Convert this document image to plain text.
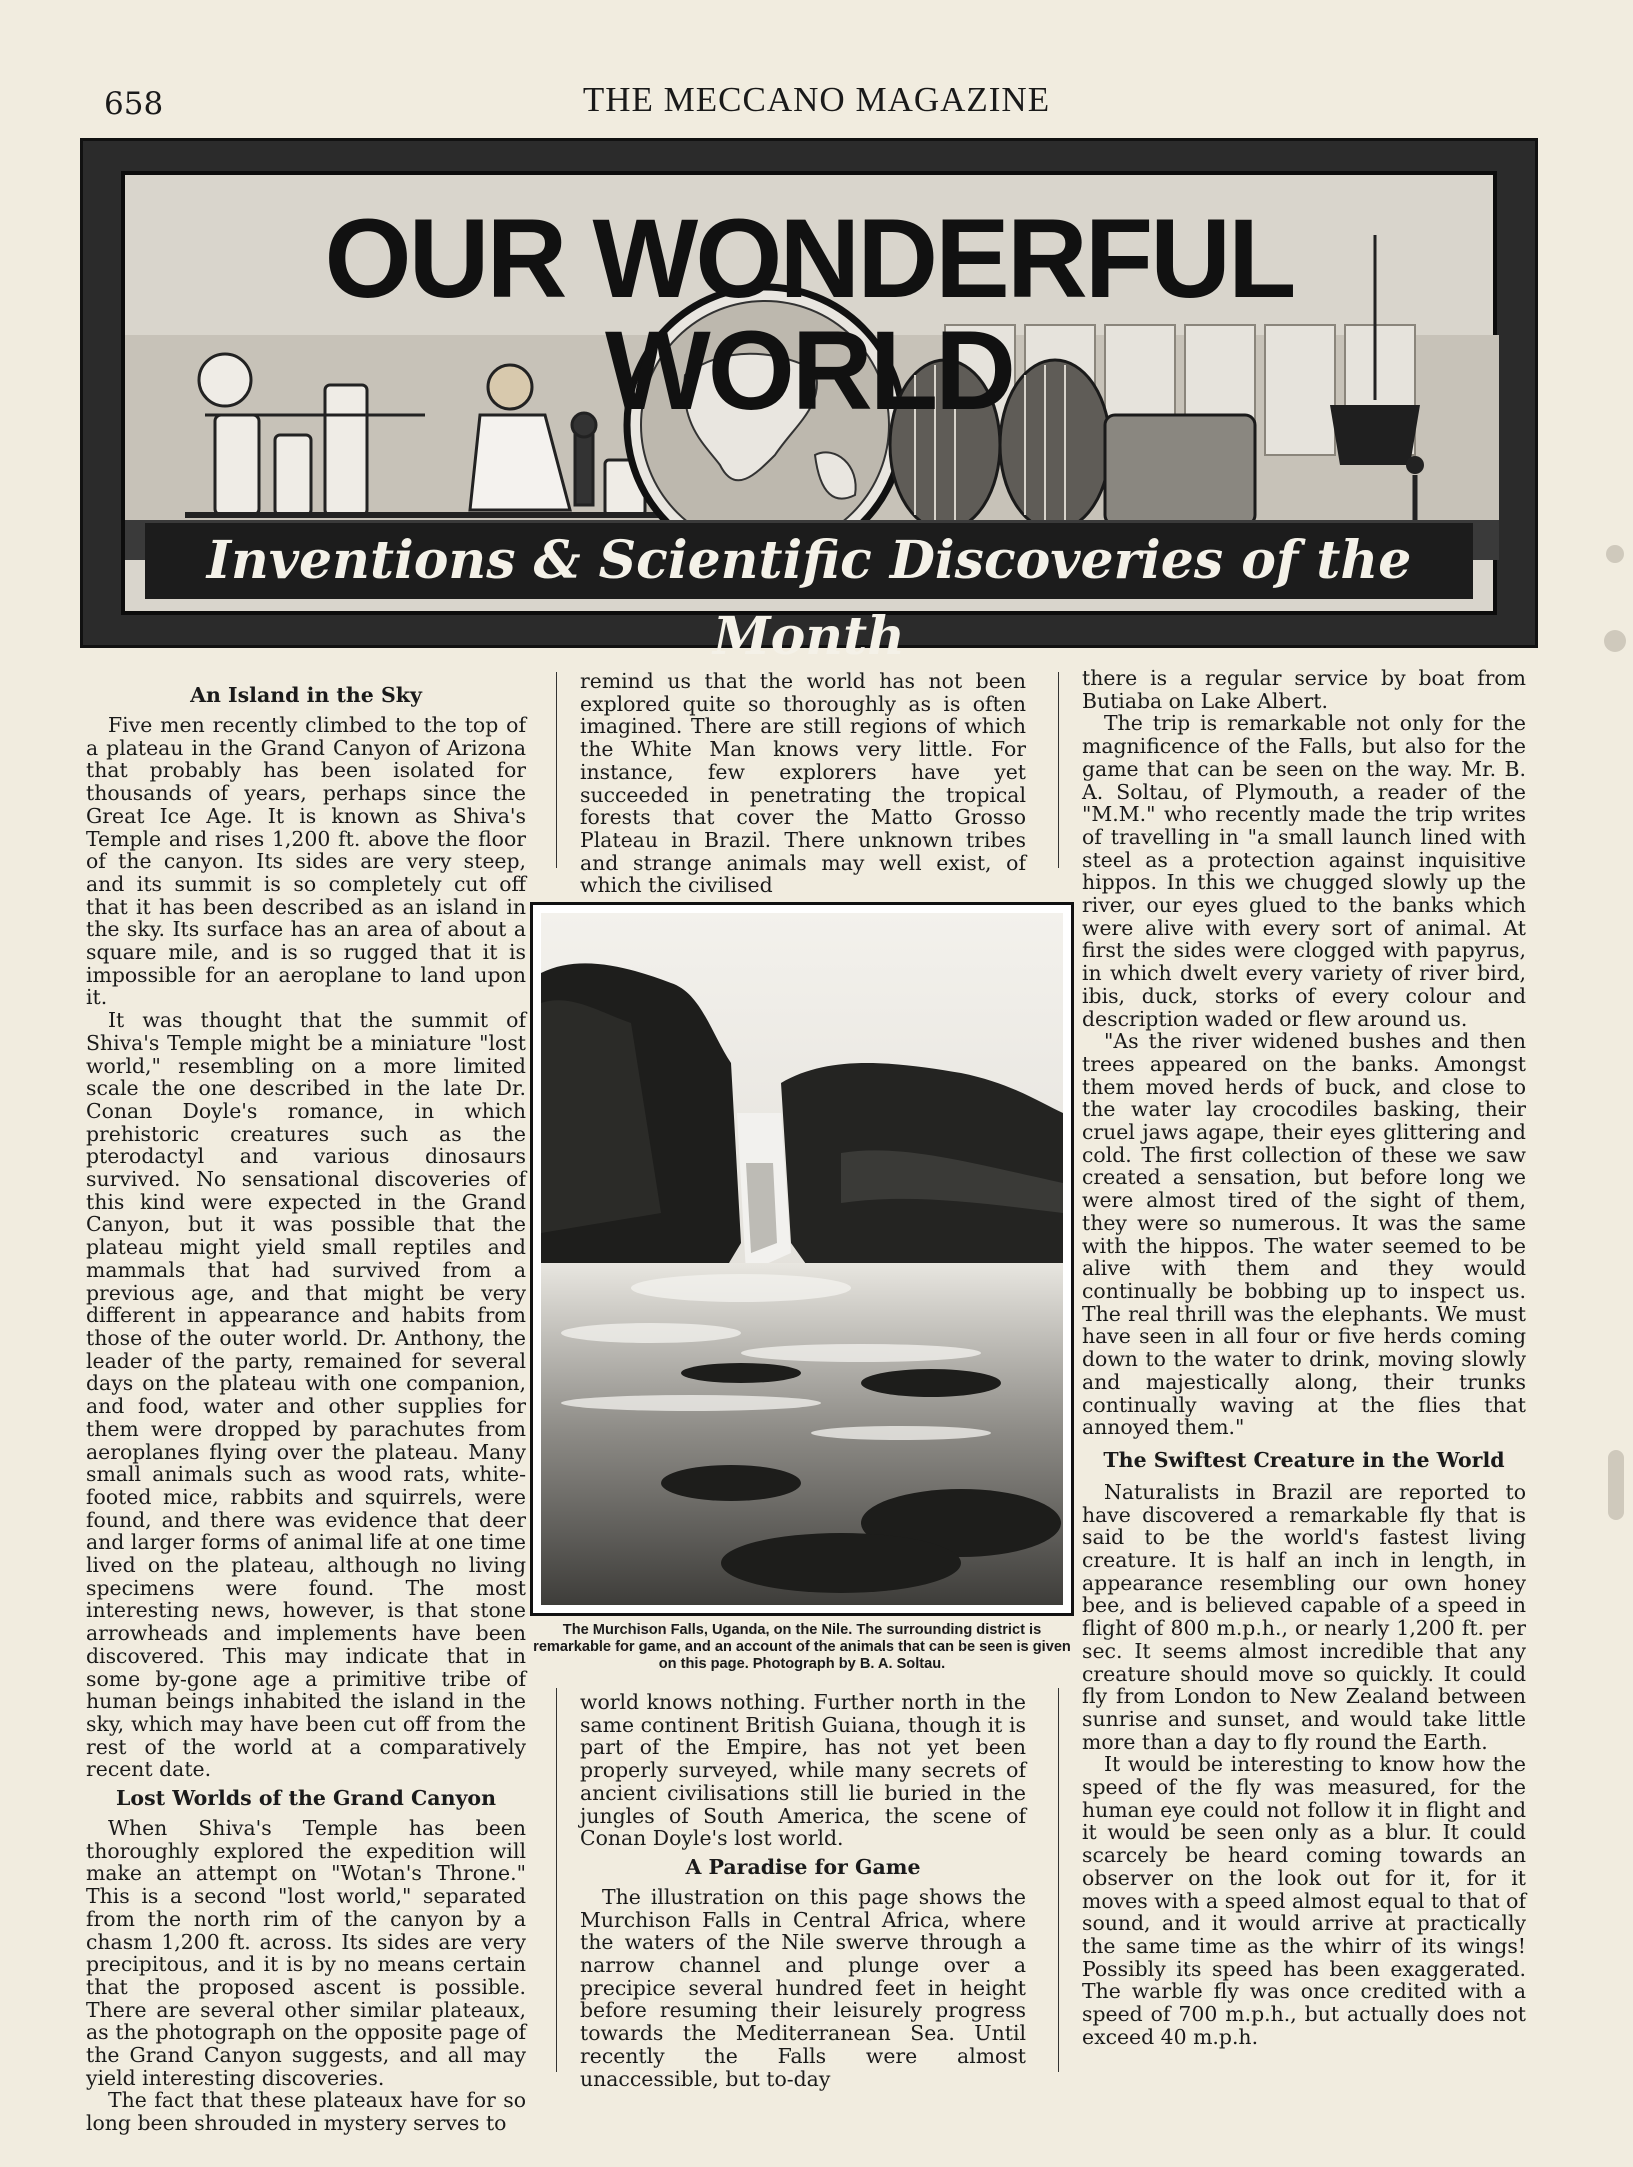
658	THE MECCANO MAGAZINE
OUR WONDERFUL WORLD
Inventions & Scientific Discoveries of the Month
An Island in the Sky

Five men recently climbed to the top of a plateau in the Grand Canyon of Arizona that probably has been isolated for thousands of years, perhaps since the Great Ice Age. It is known as Shiva's Temple and rises 1,200 ft. above the floor of the canyon. Its sides are very steep, and its summit is so completely cut off that it has been described as an island in the sky. Its surface has an area of about a square mile, and is so rugged that it is impossible for an aeroplane to land upon it.

It was thought that the summit of Shiva's Temple might be a miniature "lost world," resembling on a more limited scale the one described in the late Dr. Conan Doyle's romance, in which prehistoric creatures such as the pterodactyl and various dinosaurs survived. No sensational discoveries of this kind were expected in the Grand Canyon, but it was possible that the plateau might yield small reptiles and mammals that had survived from a previous age, and that might be very different in appearance and habits from those of the outer world. Dr. Anthony, the leader of the party, remained for several days on the plateau with one companion, and food, water and other supplies for them were dropped by parachutes from aeroplanes flying over the plateau. Many small animals such as wood rats, white-footed mice, rabbits and squirrels, were found, and there was evidence that deer and larger forms of animal life at one time lived on the plateau, although no living specimens were found. The most interesting news, however, is that stone arrowheads and implements have been discovered. This may indicate that in some by-gone age a primitive tribe of human beings inhabited the island in the sky, which may have been cut off from the rest of the world at a comparatively recent date.

Lost Worlds of the Grand Canyon

When Shiva's Temple has been thoroughly explored the expedition will make an attempt on "Wotan's Throne." This is a second "lost world," separated from the north rim of the canyon by a chasm 1,200 ft. across. Its sides are very precipitous, and it is by no means certain that the proposed ascent is possible. There are several other similar plateaux, as the photograph on the opposite page of the Grand Canyon suggests, and all may yield interesting discoveries.

The fact that these plateaux have for so long been shrouded in mystery serves to

remind us that the world has not been explored quite so thoroughly as is often imagined. There are still regions of which the White Man knows very little. For instance, few explorers have yet succeeded in penetrating the tropical forests that cover the Matto Grosso Plateau in Brazil. There unknown tribes and strange animals may well exist, of which the civilised

The Murchison Falls, Uganda, on the Nile. The surrounding district is remarkable for game, and an account of the animals that can be seen is given on this page. Photograph by B. A. Soltau.

world knows nothing. Further north in the same continent British Guiana, though it is part of the Empire, has not yet been properly surveyed, while many secrets of ancient civilisations still lie buried in the jungles of South America, the scene of Conan Doyle's lost world.

A Paradise for Game

The illustration on this page shows the Murchison Falls in Central Africa, where the waters of the Nile swerve through a narrow channel and plunge over a precipice several hundred feet in height before resuming their leisurely progress towards the Mediterranean Sea. Until recently the Falls were almost unaccessible, but to-day

there is a regular service by boat from Butiaba on Lake Albert.

The trip is remarkable not only for the magnificence of the Falls, but also for the game that can be seen on the way. Mr. B. A. Soltau, of Plymouth, a reader of the "M.M." who recently made the trip writes of travelling in "a small launch lined with steel as a protection against inquisitive hippos. In this we chugged slowly up the river, our eyes glued to the banks which were alive with every sort of animal. At first the sides were clogged with papyrus, in which dwelt every variety of river bird, ibis, duck, storks of every colour and description waded or flew around us.

"As the river widened bushes and then trees appeared on the banks. Amongst them moved herds of buck, and close to the water lay crocodiles basking, their cruel jaws agape, their eyes glittering and cold. The first collection of these we saw created a sensation, but before long we were almost tired of the sight of them, they were so numerous. It was the same with the hippos. The water seemed to be alive with them and they would continually be bobbing up to inspect us. The real thrill was the elephants. We must have seen in all four or five herds coming down to the water to drink, moving slowly and majestically along, their trunks continually waving at the flies that annoyed them."

The Swiftest Creature in the World

Naturalists in Brazil are reported to have discovered a remarkable fly that is said to be the world's fastest living creature. It is half an inch in length, in appearance resembling our own honey bee, and is believed capable of a speed in flight of 800 m.p.h., or nearly 1,200 ft. per sec. It seems almost incredible that any creature should move so quickly. It could fly from London to New Zealand between sunrise and sunset, and would take little more than a day to fly round the Earth.

It would be interesting to know how the speed of the fly was measured, for the human eye could not follow it in flight and it would be seen only as a blur. It could scarcely be heard coming towards an observer on the look out for it, for it moves with a speed almost equal to that of sound, and it would arrive at practically the same time as the whirr of its wings! Possibly its speed has been exaggerated. The warble fly was once credited with a speed of 700 m.p.h., but actually does not exceed 40 m.p.h.
